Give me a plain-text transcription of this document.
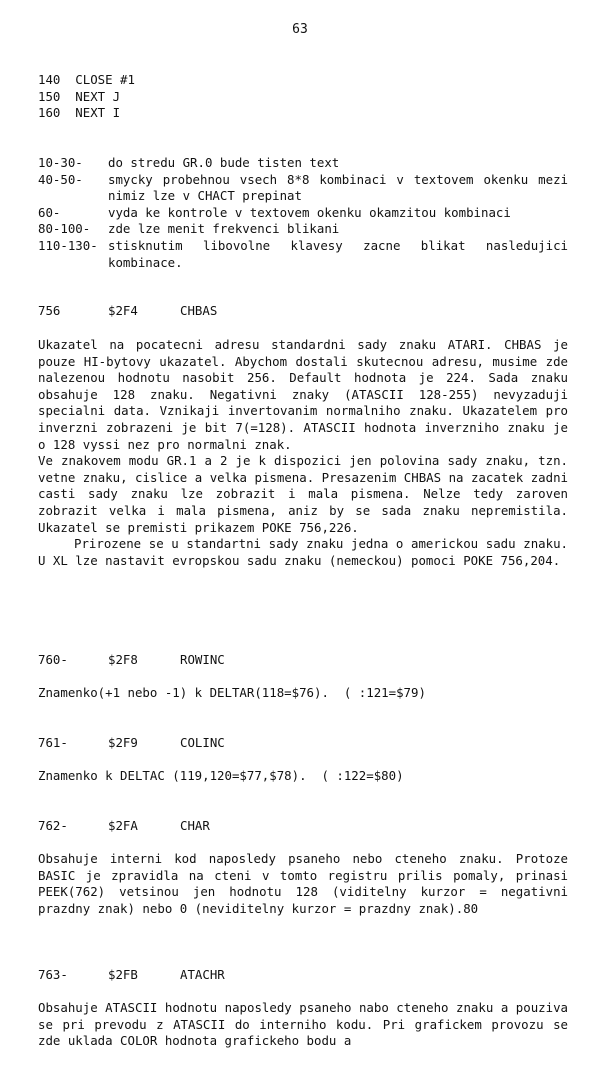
63
140  CLOSE #1
150  NEXT J
160  NEXT I
10-30-	do stredu GR.0 bude tisten text
40-50-	smycky probehnou vsech 8*8 kombinaci v textovem okenku mezi nimiz lze v CHACT prepinat
60-	vyda ke kontrole v textovem okenku okamzitou kombinaci
80-100-	zde lze menit frekvenci blikani
110-130- stisknutim libovolne klavesy zacne blikat nasledujici kombinace.
756	$2F4	CHBAS

Ukazatel na pocatecni adresu standardni sady znaku ATARI. CHBAS je pouze HI-bytovy ukazatel. Abychom dostali skutecnou adresu, musime zde nalezenou hodnotu nasobit 256. Default hodnota je 224. Sada znaku obsahuje 128 znaku. Negativni znaky (ATASCII 128-255) nevyzaduji specialni data. Vznikaji invertovanim normalniho znaku. Ukazatelem pro inverzni zobrazeni je bit 7(=128). ATASCII hodnota inverzniho znaku je o 128 vyssi nez pro normalni znak.

Ve znakovem modu GR.1 a 2 je k dispozici jen polovina sady znaku, tzn. vetne znaku, cislice a velka pismena. Presazenim CHBAS na zacatek zadni casti sady znaku lze zobrazit i mala pismena. Nelze tedy zaroven zobrazit velka i mala pismena, aniz by se sada znaku nepremistila. Ukazatel se premisti prikazem POKE 756,226.

Prirozene se u standartni sady znaku jedna o americkou sadu znaku. U XL lze nastavit evropskou sadu znaku (nemeckou) pomoci POKE 756,204.

760-	$2F8	ROWINC

Znamenko(+1 nebo -1) k DELTAR(118=$76).  ( :121=$79)

761-	$2F9	COLINC

Znamenko k DELTAC (119,120=$77,$78).  ( :122=$80)

762-	$2FA	CHAR

Obsahuje interni kod naposledy psaneho nebo cteneho znaku. Protoze BASIC je zpravidla na cteni v tomto registru prilis pomaly, prinasi PEEK(762) vetsinou jen hodnotu 128 (viditelny kurzor = negativni prazdny znak) nebo 0 (neviditelny kurzor = prazdny znak).80

763-	$2FB	ATACHR

Obsahuje ATASCII hodnotu naposledy psaneho nabo cteneho znaku a pouziva se pri prevodu z ATASCII do interniho kodu. Pri grafickem provozu se zde uklada COLOR hodnota grafickeho bodu a
